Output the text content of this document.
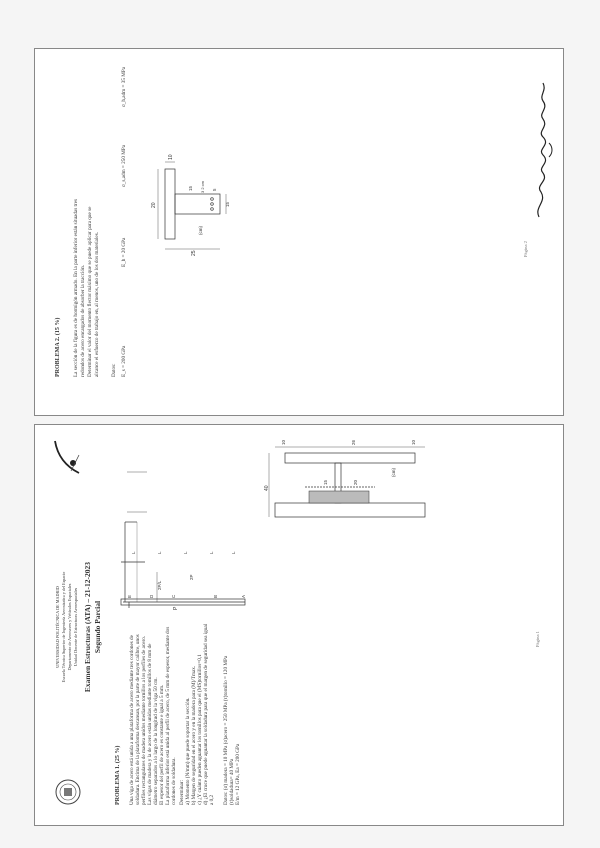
PROBLEMA 2. (15 %) La sección de la figura es de hormigón armado. En la parte inferior están situadas tres redondos de acero encargados de absorber la tracción. Determinar el valor del momento flector máximo que se puede aplicar para que se alcance el esfuerzo de trabajo en, al menos, uno de los dos materiales. Datos: E_s = 200 GPa
E_h = 20 GPa
σ_s,adm = 250 MPa
σ_h,adm = 35 MPa
20
25
10
15
15
5
3 2 cm
(cm)
Página 2
UNIVERSIDAD POLITÉCNICA DE MADRID Escuela Técnica Superior de Ingeniería Aeronáutica y del Espacio Departamento de Aeronaves y Vehículos Espaciales Unidad Docente de Estructuras Aeroespaciales Examen Estructuras (ATA) – 21-12-2023 Segundo Parcial
PROBLEMA 1. (25 %) Una viga de acero está unida a una plataforma de acero mediante tres cordones de soldadura. Encima de la plataforma descansan, por la parte de mayor calibre, unos perfiles rectangulares de madera unidos mediante tornillos a los perfiles de acero. Las vigas de madera y la de acero están unidas mediante tornillos de 8 mm de diámetro separados a lo largo de la longitud de la viga 50 cm. El espesor del perfil de acero es constante e igual a 5 mm. La plataforma inferior está unida al perfil de acero, de 5 mm de espesor, mediante dos cordones de soldadura. Determinar: a) Momento (N/mm) que puede soportar la sección. b) Margen de seguridad en el acero y en la madera para (M)/Tmax. c) ¿Y cuánto pueden aguantar los tornillos para que el (MS)tornillos=0,1 d) ¿El cruce que puede aguantar la soldadura para que el margen de seguridad sea igual a 0,2 Datos: (σ) madera = 10 MPa (σ)acero = 250 MPa (τ)tornillo = 120 MPa (τ)soldadura= 40 MPa E/m = 12 GPa, Ea = 200 GPa
P
2P/L
2P
A
B
C
D
E
L
L
L
L
L
40
10	10
15	20
26
(cm)
Página 1
